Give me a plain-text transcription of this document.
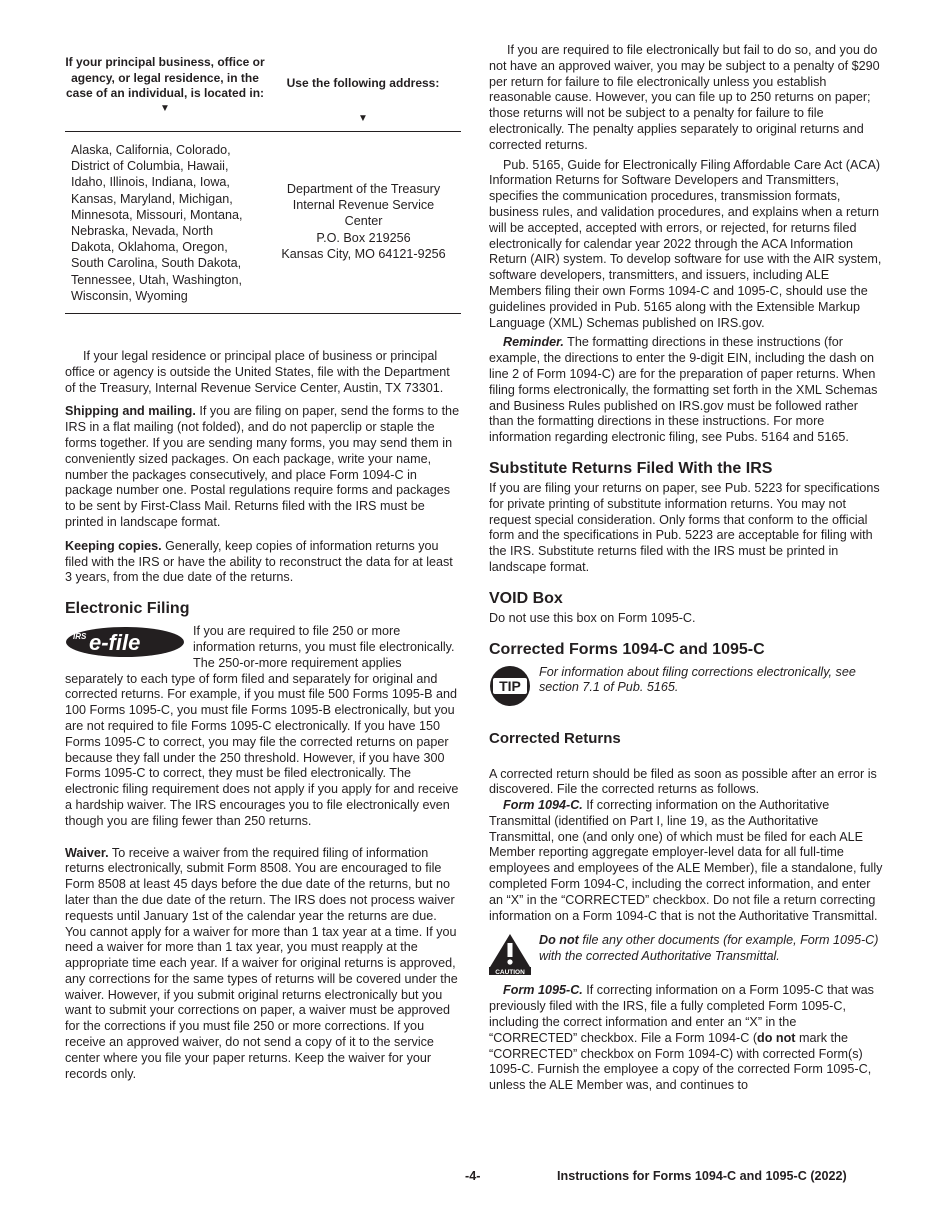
If your principal business, office or agency, or legal residence, in the case of an individual, is located in:
▼
Use the following address:
▼
Alaska, California, Colorado,
District of Columbia, Hawaii,
Idaho, Illinois, Indiana, Iowa,
Kansas, Maryland, Michigan,
Minnesota, Missouri, Montana,
Nebraska, Nevada, North
Dakota, Oklahoma, Oregon,
South Carolina, South Dakota,
Tennessee, Utah, Washington,
Wisconsin, Wyoming
Department of the Treasury
Internal Revenue Service
Center
P.O. Box 219256
Kansas City, MO 64121-9256

If your legal residence or principal place of business or principal office or agency is outside the United States, file with the Department of the Treasury, Internal Revenue Service Center, Austin, TX 73301.

Shipping and mailing. If you are filing on paper, send the forms to the IRS in a flat mailing (not folded), and do not paperclip or staple the forms together. If you are sending many forms, you may send them in conveniently sized packages. On each package, write your name, number the packages consecutively, and place Form 1094-C in package number one. Postal regulations require forms and packages to be sent by First-Class Mail. Returns filed with the IRS must be printed in landscape format.

Keeping copies. Generally, keep copies of information returns you filed with the IRS or have the ability to reconstruct the data for at least 3 years, from the due date of the returns.

Electronic Filing
IRS e-file	If you are required to file 250 or more information returns, you must file electronically. The 250-or-more requirement applies separately to each type of form filed and separately for original and corrected returns. For example, if you must file 500 Forms 1095-B and 100 Forms 1095-C, you must file Forms 1095-B electronically, but you are not required to file Forms 1095-C electronically. If you have 150 Forms 1095-C to correct, you may file the corrected returns on paper because they fall under the 250 threshold. However, if you have 300 Forms 1095-C to correct, they must be filed electronically. The electronic filing requirement does not apply if you apply for and receive a hardship waiver. The IRS encourages you to file electronically even though you are filing fewer than 250 returns.

Waiver. To receive a waiver from the required filing of information returns electronically, submit Form 8508. You are encouraged to file Form 8508 at least 45 days before the due date of the returns, but no later than the due date of the return. The IRS does not process waiver requests until January 1st of the calendar year the returns are due. You cannot apply for a waiver for more than 1 tax year at a time. If you need a waiver for more than 1 tax year, you must reapply at the appropriate time each year. If a waiver for original returns is approved, any corrections for the same types of returns will be covered under the waiver. However, if you submit original returns electronically but you want to submit your corrections on paper, a waiver must be approved for the corrections if you must file 250 or more corrections. If you receive an approved waiver, do not send a copy of it to the service center where you file your paper returns. Keep the waiver for your records only.

If you are required to file electronically but fail to do so, and you do not have an approved waiver, you may be subject to a penalty of $290 per return for failure to file electronically unless you establish reasonable cause. However, you can file up to 250 returns on paper; those returns will not be subject to a penalty for failure to file electronically. The penalty applies separately to original returns and corrected returns.

Pub. 5165, Guide for Electronically Filing Affordable Care Act (ACA) Information Returns for Software Developers and Transmitters, specifies the communication procedures, transmission formats, business rules, and validation procedures, and explains when a return will be accepted, accepted with errors, or rejected, for returns filed electronically for calendar year 2022 through the ACA Information Return (AIR) system. To develop software for use with the AIR system, software developers, transmitters, and issuers, including ALE Members filing their own Forms 1094-C and 1095-C, should use the guidelines provided in Pub. 5165 along with the Extensible Markup Language (XML) Schemas published on IRS.gov.

Reminder. The formatting directions in these instructions (for example, the directions to enter the 9-digit EIN, including the dash on line 2 of Form 1094-C) are for the preparation of paper returns. When filing forms electronically, the formatting set forth in the XML Schemas and Business Rules published on IRS.gov must be followed rather than the formatting directions in these instructions. For more information regarding electronic filing, see Pubs. 5164 and 5165.

Substitute Returns Filed With the IRS

If you are filing your returns on paper, see Pub. 5223 for specifications for private printing of substitute information returns. You may not request special consideration. Only forms that conform to the official form and the specifications in Pub. 5223 are acceptable for filing with the IRS. Substitute returns filed with the IRS must be printed in landscape format.

VOID Box

Do not use this box on Form 1095-C.

Corrected Forms 1094-C and 1095-C
TIP
For information about filing corrections electronically, see section 7.1 of Pub. 5165.
Corrected Returns

A corrected return should be filed as soon as possible after an error is discovered. File the corrected returns as follows.

Form 1094-C. If correcting information on the Authoritative Transmittal (identified on Part I, line 19, as the Authoritative Transmittal, one (and only one) of which must be filed for each ALE Member reporting aggregate employer-level data for all full-time employees and employees of the ALE Member), file a standalone, fully completed Form 1094-C, including the correct information, and enter an “X” in the “CORRECTED” checkbox. Do not file a return correcting information on a Form 1094-C that is not the Authoritative Transmittal.

CAUTION
Do not file any other documents (for example, Form 1095-C) with the corrected Authoritative Transmittal.

Form 1095-C. If correcting information on a Form 1095-C that was previously filed with the IRS, file a fully completed Form 1095-C, including the correct information and enter an “X” in the “CORRECTED” checkbox. File a Form 1094-C (do not mark the “CORRECTED” checkbox on Form 1094-C) with corrected Form(s) 1095-C. Furnish the employee a copy of the corrected Form 1095-C, unless the ALE Member was, and continues to

-4-	Instructions for Forms 1094-C and 1095-C (2022)
